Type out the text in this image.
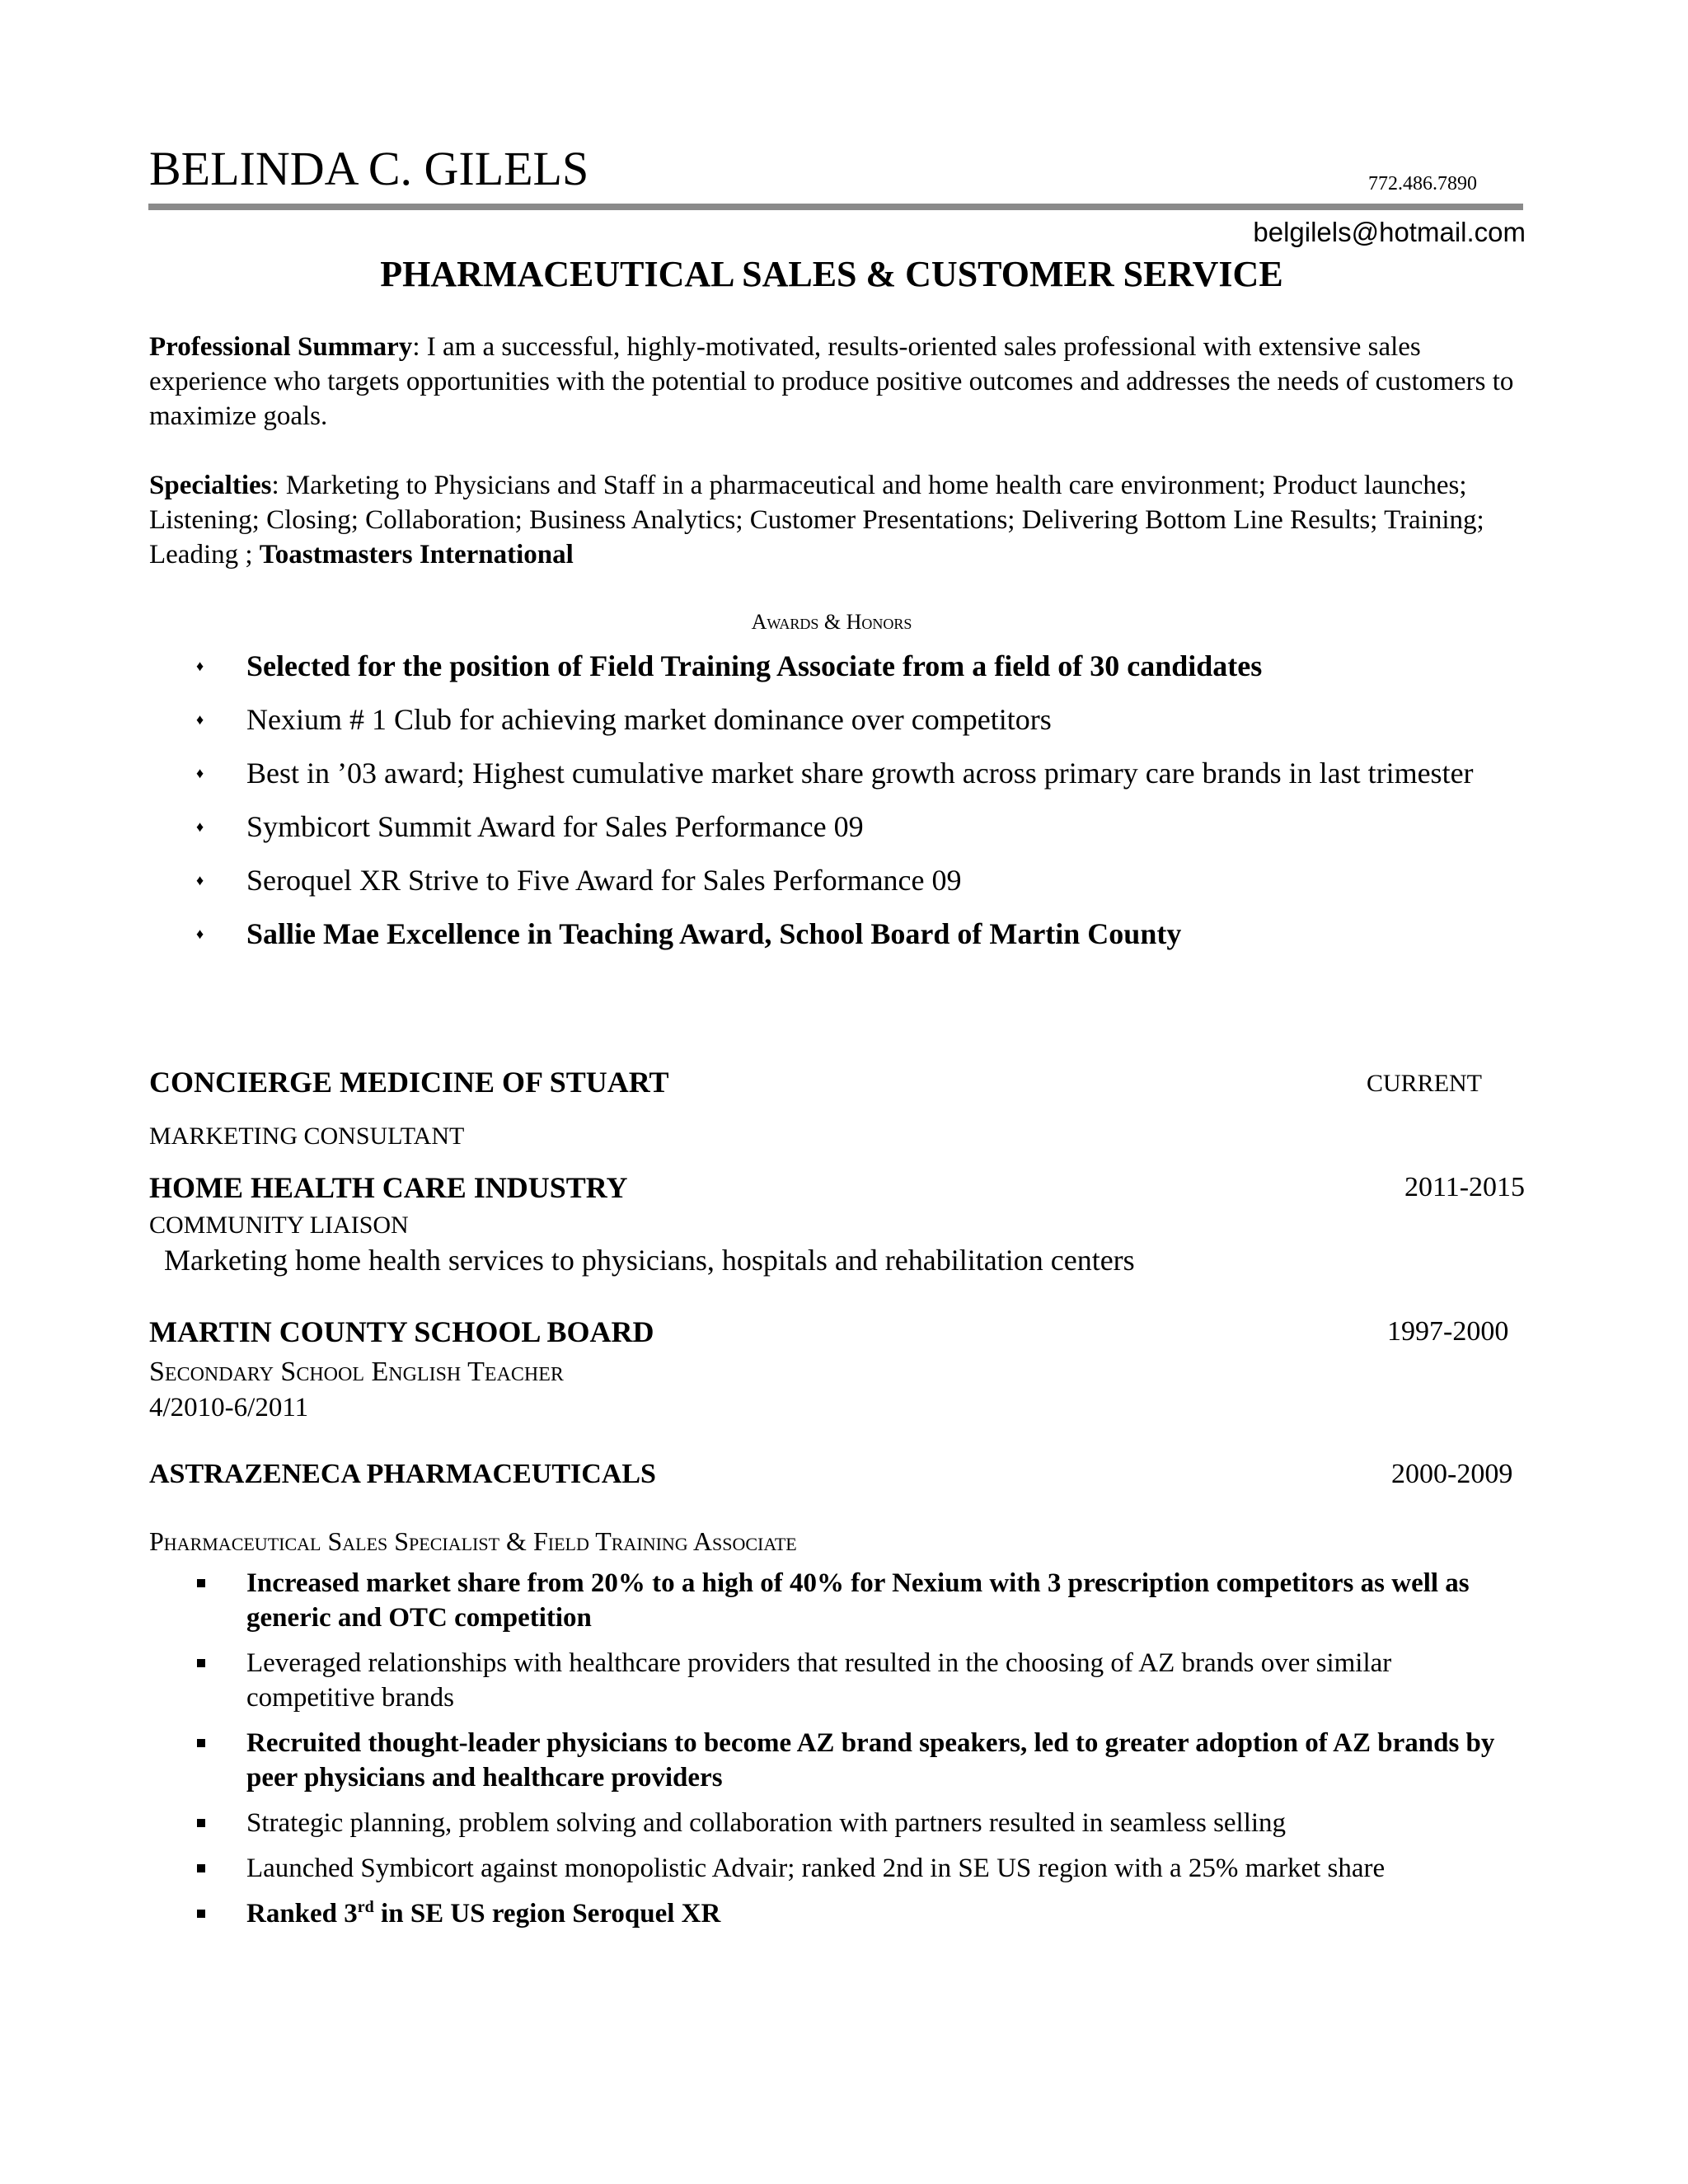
BELINDA C. GILELS	772.486.7890
belgilels@hotmail.com
PHARMACEUTICAL SALES & CUSTOMER SERVICE
Professional Summary: I am a successful, highly-motivated, results-oriented sales professional with extensive sales experience who targets opportunities with the potential to produce positive outcomes and addresses the needs of customers to maximize goals.
Specialties: Marketing to Physicians and Staff in a pharmaceutical and home health care environment; Product launches; Listening; Closing; Collaboration; Business Analytics; Customer Presentations; Delivering Bottom Line Results; Training; Leading ; Toastmasters International
Awards & Honors
♦ Selected for the position of Field Training Associate from a field of 30 candidates
♦ Nexium # 1 Club for achieving market dominance over competitors
♦ Best in ’03 award; Highest cumulative market share growth across primary care brands in last trimester
♦ Symbicort Summit Award for Sales Performance 09
♦ Seroquel XR Strive to Five Award for Sales Performance 09
♦ Sallie Mae Excellence in Teaching Award, School Board of Martin County
CONCIERGE MEDICINE OF STUART	CURRENT
MARKETING CONSULTANT
HOME HEALTH CARE INDUSTRY	2011-2015
COMMUNITY LIAISON
Marketing home health services to physicians, hospitals and rehabilitation centers
MARTIN COUNTY SCHOOL BOARD	1997-2000
Secondary School English Teacher
4/2010-6/2011
ASTRAZENECA PHARMACEUTICALS	2000-2009
Pharmaceutical Sales Specialist & Field Training Associate
Increased market share from 20% to a high of 40% for Nexium with 3 prescription competitors as well as generic and OTC competition
Leveraged relationships with healthcare providers that resulted in the choosing of AZ brands over similar competitive brands
Recruited thought-leader physicians to become AZ brand speakers, led to greater adoption of AZ brands by peer physicians and healthcare providers
Strategic planning, problem solving and collaboration with partners resulted in seamless selling
Launched Symbicort against monopolistic Advair; ranked 2nd in SE US region with a 25% market share
Ranked 3rd in SE US region Seroquel XR
